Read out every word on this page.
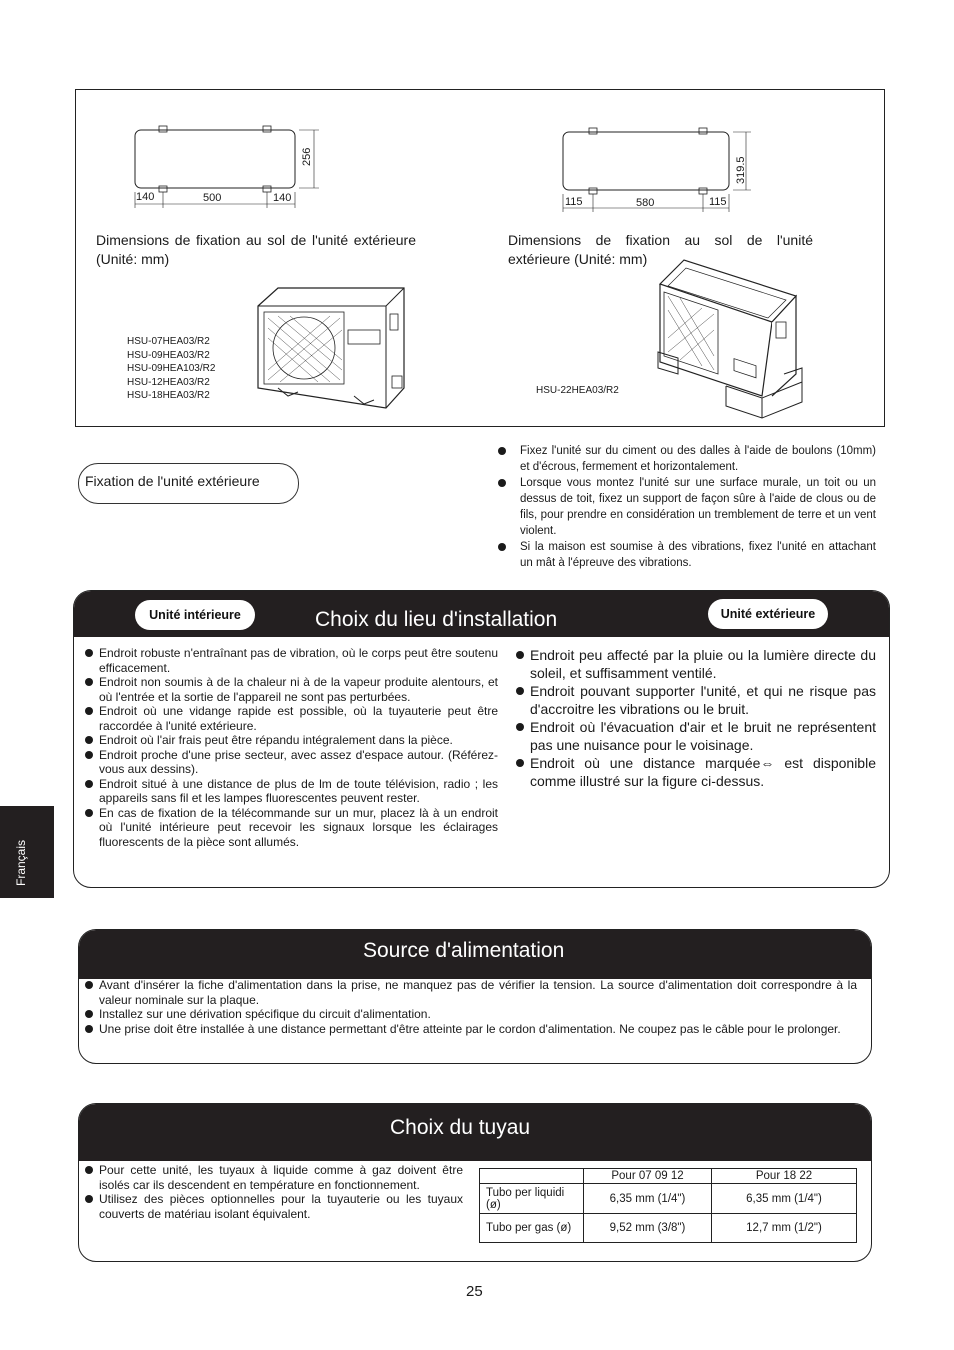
256
140	500	140
319.5
115	580	115
Dimensions de fixation au sol de l'unité extérieure (Unité: mm)
Dimensions de fixation au sol de l'unité extérieure (Unité: mm)
HSU-07HEA03/R2
HSU-09HEA03/R2
HSU-09HEA103/R2
HSU-12HEA03/R2
HSU-18HEA03/R2	HSU-22HEA03/R2
Fixation de l'unité extérieure
Fixez l'unité sur du ciment ou des dalles à l'aide de boulons (10mm) et d'écrous, fermement et horizontalement.
Lorsque vous montez l'unité sur une surface murale, un toit ou un dessus de toit, fixez un support de façon sûre à l'aide de clous ou de fils, pour prendre en considération un tremblement de terre et un vent violent.
Si la maison est soumise à des vibrations, fixez l'unité en attachant un mât à l'épreuve des vibrations.
Unité intérieure	Unité extérieure
Choix du lieu d'installation
Endroit robuste n'entraînant pas de vibration, où le corps peut être soutenu efficacement.
Endroit non soumis à de la chaleur ni à de la vapeur produite alentours, et où l'entrée et la sortie de l'appareil ne sont pas perturbées.
Endroit où une vidange rapide est possible, où la tuyauterie peut être raccordée à l'unité extérieure.
Endroit où l'air frais peut être répandu intégralement dans la pièce.
Endroit proche d'une prise secteur, avec assez d'espace autour. (Référez-vous aux dessins).
Endroit situé à une distance de plus de lm de toute télévision, radio ; les appareils sans fil et les lampes fluorescentes peuvent rester.
En cas de fixation de la télécommande sur un mur, placez là à un endroit où l'unité intérieure peut recevoir les signaux lorsque les éclairages fluorescents de la pièce sont allumés.
Endroit peu affecté par la pluie ou la lumière directe du soleil, et suffisamment ventilé.
Endroit pouvant supporter l'unité, et qui ne risque pas d'accroitre les vibrations ou le bruit.
Endroit où l'évacuation d'air et le bruit ne représentent pas une nuisance pour le voisinage.
Endroit où une distance marquée⇔ est disponible comme illustré sur la figure ci-dessus.
Français
Source d'alimentation
Avant d'insérer la fiche d'alimentation dans la prise, ne manquez pas de vérifier la tension. La source d'alimentation doit correspondre à la valeur nominale sur la plaque.
Installez sur une dérivation spécifique du circuit d'alimentation.
Une prise doit être installée à une distance permettant d'être atteinte par le cordon d'alimentation. Ne coupez pas le câble pour le prolonger.
Choix du tuyau
Pour cette unité, les tuyaux à liquide comme à gaz doivent être isolés car ils descendent en température en fonctionnement.
Utilisez des pièces optionnelles pour la tuyauterie ou les tuyaux couverts de matériau isolant équivalent.
	Pour 07 09 12	Pour 18 22
Tubo per liquidi (ø)	6,35 mm (1/4")	6,35 mm (1/4")
Tubo per gas (ø)	9,52 mm (3/8")	12,7 mm (1/2")
25
